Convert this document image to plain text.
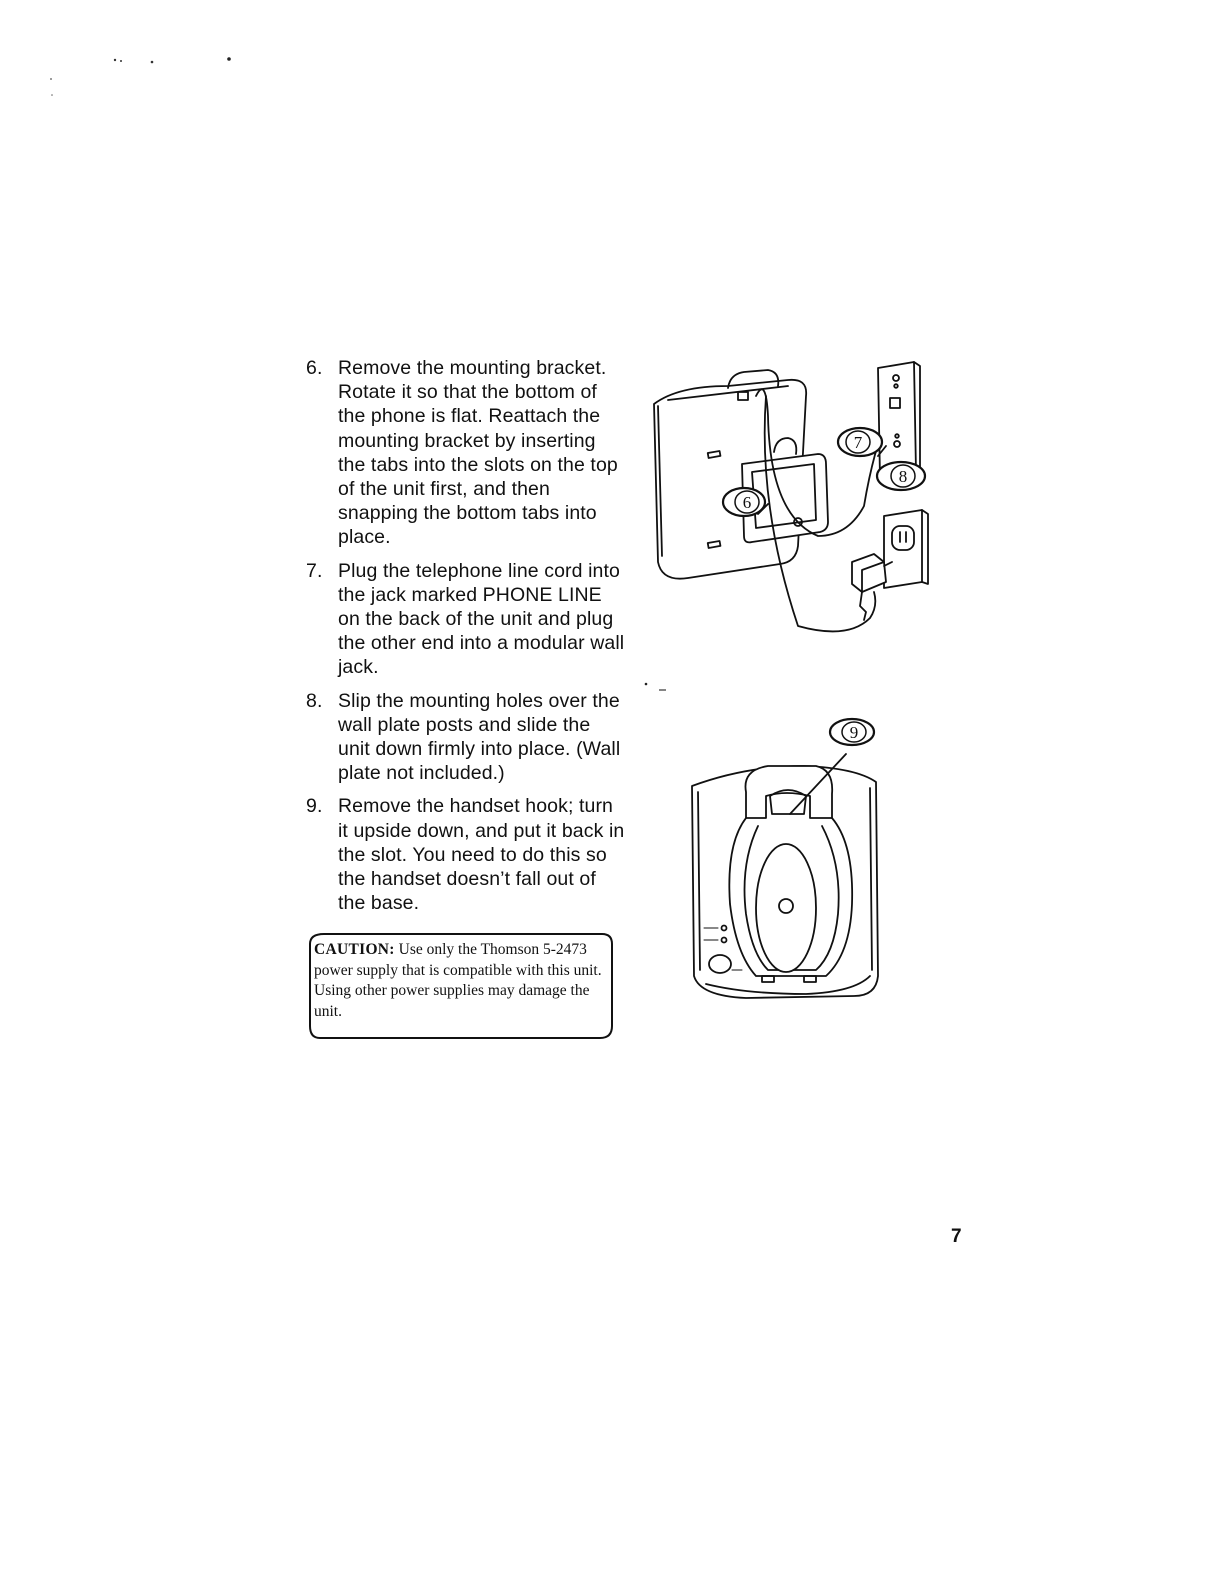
6. Remove the mounting bracket. Rotate it so that the bottom of the phone is flat. Reattach the mounting bracket by inserting the tabs into the slots on the top of the unit first, and then snapping the bottom tabs into place.
7. Plug the telephone line cord into the jack marked PHONE LINE on the back of the unit and plug the other end into a modular wall jack.
8. Slip the mounting holes over the wall plate posts and slide the unit down firmly into place. (Wall plate not included.)
9. Remove the handset hook; turn it upside down, and put it back in the slot. You need to do this so the handset doesn’t fall out of the base.
CAUTION: Use only the Thomson 5-2473 power supply that is compatible with this unit. Using other power supplies may damage the unit.
6
7
8
9
7
